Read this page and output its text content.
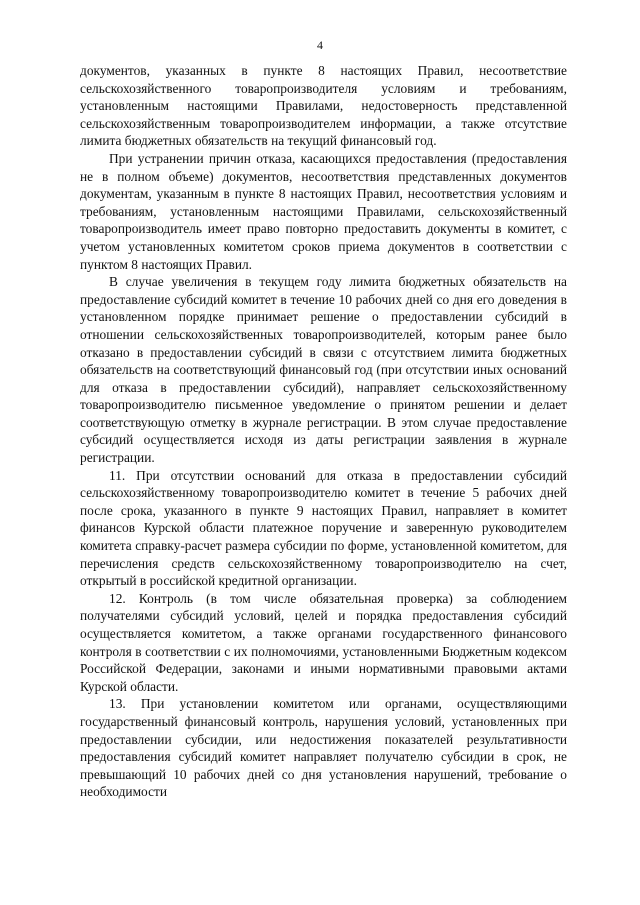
4

документов, указанных в пункте 8 настоящих Правил, несоответствие сельскохозяйственного товаропроизводителя условиям и требованиям, установленным настоящими Правилами, недостоверность представленной сельскохозяйственным товаропроизводителем информации, а также отсутствие лимита бюджетных обязательств на текущий финансовый год.

При устранении причин отказа, касающихся предоставления (предоставления не в полном объеме) документов, несоответствия представленных документов документам, указанным в пункте 8 настоящих Правил, несоответствия условиям и требованиям, установленным настоящими Правилами, сельскохозяйственный товаропроизводитель имеет право повторно предоставить документы в комитет, с учетом установленных комитетом сроков приема документов в соответствии с пунктом 8 настоящих Правил.

В случае увеличения в текущем году лимита бюджетных обязательств на предоставление субсидий комитет в течение 10 рабочих дней со дня его доведения в установленном порядке принимает решение о предоставлении субсидий в отношении сельскохозяйственных товаропроизводителей, которым ранее было отказано в предоставлении субсидий в связи с отсутствием лимита бюджетных обязательств на соответствующий финансовый год (при отсутствии иных оснований для отказа в предоставлении субсидий), направляет сельскохозяйственному товаропроизводителю письменное уведомление о принятом решении и делает соответствующую отметку в журнале регистрации. В этом случае предоставление субсидий осуществляется исходя из даты регистрации заявления в журнале регистрации.

11. При отсутствии оснований для отказа в предоставлении субсидий сельскохозяйственному товаропроизводителю комитет в течение 5 рабочих дней после срока, указанного в пункте 9 настоящих Правил, направляет в комитет финансов Курской области платежное поручение и заверенную руководителем комитета справку-расчет размера субсидии по форме, установленной комитетом, для перечисления средств сельскохозяйственному товаропроизводителю на счет, открытый в российской кредитной организации.

12. Контроль (в том числе обязательная проверка) за соблюдением получателями субсидий условий, целей и порядка предоставления субсидий осуществляется комитетом, а также органами государственного финансового контроля в соответствии с их полномочиями, установленными Бюджетным кодексом Российской Федерации, законами и иными нормативными правовыми актами Курской области.

13. При установлении комитетом или органами, осуществляющими государственный финансовый контроль, нарушения условий, установленных при предоставлении субсидии, или недостижения показателей результативности предоставления субсидий комитет направляет получателю субсидии в срок, не превышающий 10 рабочих дней со дня установления нарушений, требование о необходимости
